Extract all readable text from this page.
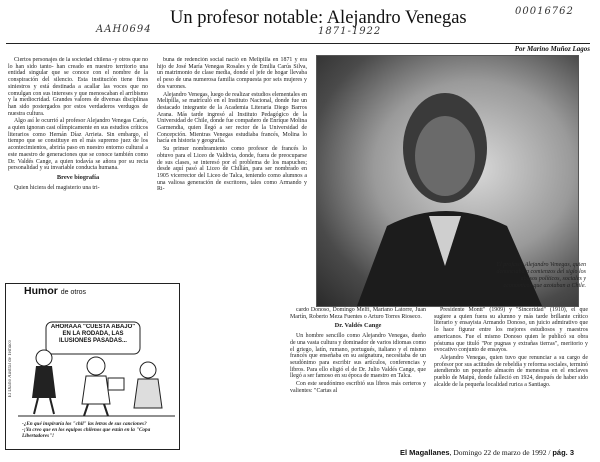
AAH0694	1871-1922
00016762
Un profesor notable: Alejandro Venegas
Por Marino Muñoz Lagos

Ciertos personajes de la sociedad chilena -y otros que no lo han sido tanto- han creado en nuestro territorio una entidad singular que se conoce con el nombre de la conspiración del silencio. Esta institución tiene fines siniestros y está destinada a acallar las voces que no comulgan con sus intereses y que menoscaban el arribismo y la mediocridad. Grandes valores de diversas disciplinas han sido postergados por estos verdaderos verdugos de nuestra cultura.

Algo así le ocurrió al profesor Alejandro Venegas Carús, a quien ignoran casi olímpicamente en sus estudios críticos literarios como Hernán Díaz Arrieta. Sin embargo, el tiempo que se constituye en el más supremo juez de los acontecimientos, abriría paso en nuestro entorno cultural a este maestro de generaciones que se conoce también como Dr. Valdés Cange, a quien todavía se añora por su recia personalidad y su invariable conducta humana.

Breve biografía

Quien hiciera del magisterio una tri-

buna de redención social nació en Melipilla en 1871 y era hijo de José María Venegas Rosales y de Emilia Carús Silva, un matrimonio de clase media, donde el jefe de hogar llevaba el peso de una numerosa familia compuesta por seis mujeres y dos varones.

Alejandro Venegas, luego de realizar estudios elementales en Melipilla, se matriculó en el Instituto Nacional, donde fue un destacado integrante de la Academia Literaria Diego Barros Arana. Más tarde ingresó al Instituto Pedagógico de la Universidad de Chile, donde fue compañero de Enrique Molina Garmendia, quien llegó a ser rector de la Universidad de Concepción. Mientras Venegas estudiaba francés, Molina lo hacía en historia y geografía.

Su primer nombramiento como profesor de francés lo obtuvo para el Liceo de Valdivia, donde, fuera de preocuparse de sus clases, se interesó por el problema de los mapuches; desde aquí pasó al Liceo de Chillán, para ser nombrado en 1905 vicerrector del Liceo de Talca, teniendo como alumnos a una valiosa generación de escritores, tales como Armando y Ri-

El profesor Alejandro Venegas, quien denunciaba a comienzos del siglo los abusos políticos, sociales y económicos que azotaban a Chile.

cardo Donoso, Domingo Melfi, Mariano Latorre, Juan Martín, Roberto Meza Fuentes o Arturo Torres Rioseco.

Dr. Valdés Cange

Un hombre sencillo como Alejandro Venegas, dueño de una vasta cultura y dominador de varios idiomas como el griego, latín, rumano, portugués, italiano y el mismo francés que enseñaba en su asignatura, necesitaba de un seudónimo para escribir sus artículos, conferencias y libros. Para ello eligió el de Dr. Julio Valdés Cange, que llegó a ser famoso en su época de maestro en Talca.

Con este seudónimo escribió sus libros más certeros y valientes: "Cartas al

Presidente Montt" (1909) y "Sinceridad" (1910), el que sugiere a quien fuera su alumno y más tarde brillante crítico literario y ensayista Armando Donoso, un juicio admirativo que lo hace figurar entre los mejores estudiosos y maestros americanos. Fue el mismo Donoso quien le publicó su obra póstuma que tituló "Por pugnas y extrañas tierras", meritorio y evocativo conjunto de ensayos.

Alejandro Venegas, quien tuvo que renunciar a su cargo de profesor por sus actitudes de rebeldía y reforma sociales, terminó atendiendo un pequeño almacén de menestras en el enclaves pueblo de Maipú, donde falleció en 1924, después de haber sido alcalde de la pequeña localidad rurica a Santiago.

Humor de otros
El Diario Austral de Temuco
AHORAAA "CUESTA ABAJO" EN LA RODADA, LAS ILUSIONES PASADAS...
-¿En qué inspiraría los "chil" las letras de sus canciones?
-¡Ya creo que en los equipos chilenos que están en la "Copa Libertadores"!
El Magallanes, Domingo 22 de marzo de 1992 / pág. 3
